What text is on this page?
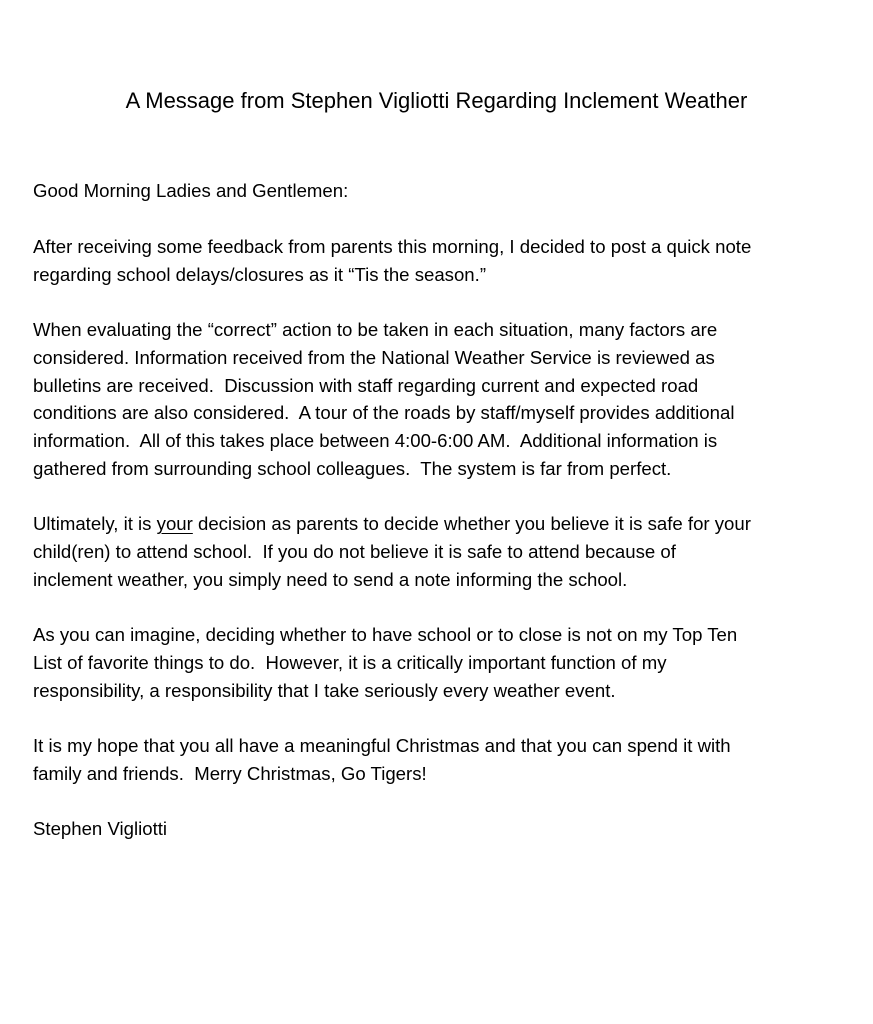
A Message from Stephen Vigliotti Regarding Inclement Weather
Good Morning Ladies and Gentlemen:
After receiving some feedback from parents this morning, I decided to post a quick note
regarding school delays/closures as it “Tis the season.”
When evaluating the “correct” action to be taken in each situation, many factors are
considered. Information received from the National Weather Service is reviewed as
bulletins are received.  Discussion with staff regarding current and expected road
conditions are also considered.  A tour of the roads by staff/myself provides additional
information.  All of this takes place between 4:00-6:00 AM.  Additional information is
gathered from surrounding school colleagues.  The system is far from perfect.
Ultimately, it is your decision as parents to decide whether you believe it is safe for your
child(ren) to attend school.  If you do not believe it is safe to attend because of
inclement weather, you simply need to send a note informing the school.
As you can imagine, deciding whether to have school or to close is not on my Top Ten
List of favorite things to do.  However, it is a critically important function of my
responsibility, a responsibility that I take seriously every weather event.
It is my hope that you all have a meaningful Christmas and that you can spend it with
family and friends.  Merry Christmas, Go Tigers!
Stephen Vigliotti
